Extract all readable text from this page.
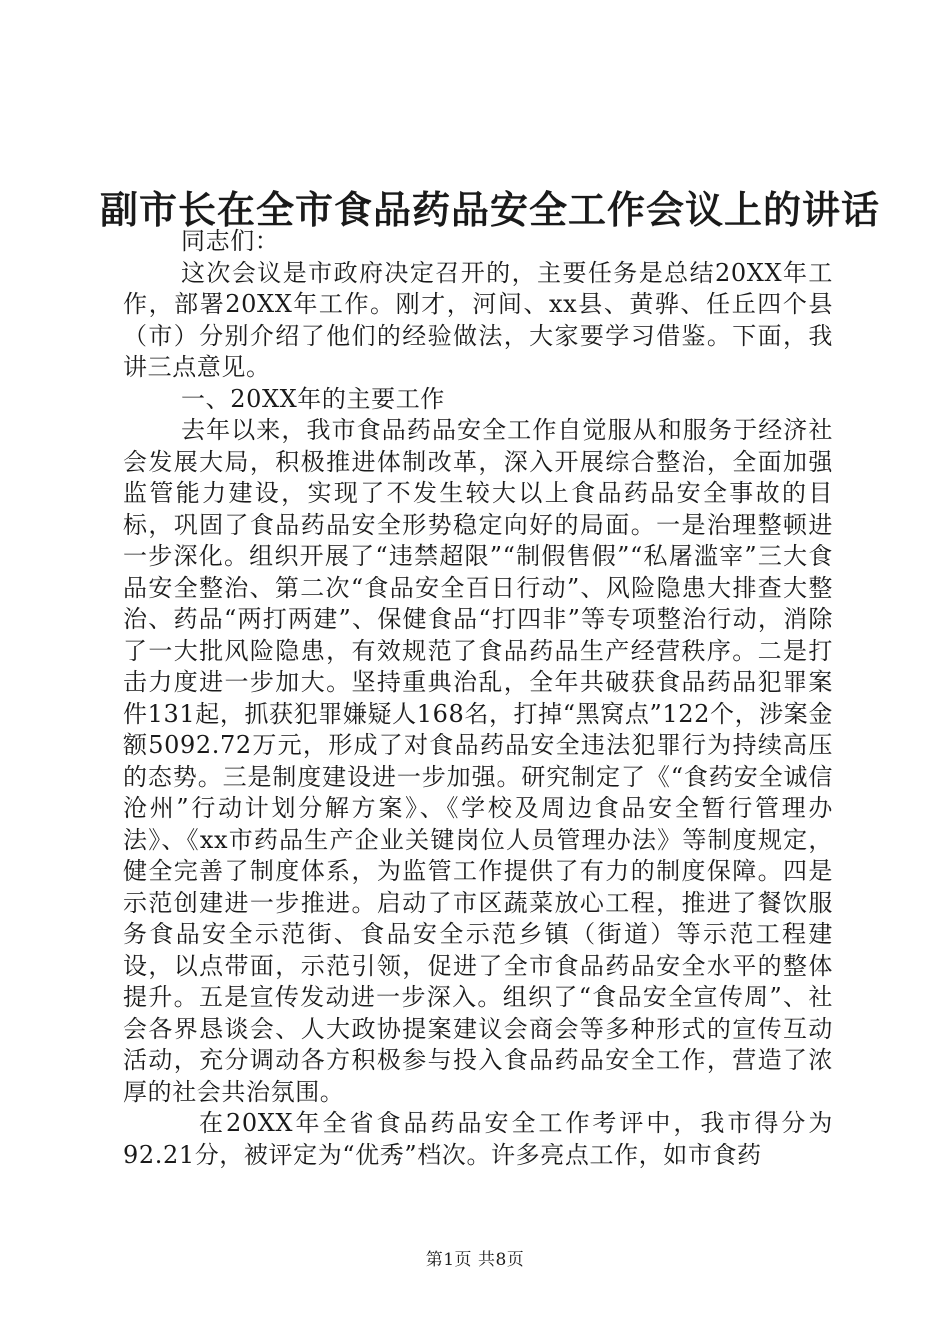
副市长在全市食品药品安全工作会议上的讲话

同志们：

这次会议是市政府决定召开的，主要任务是总结20XX年工作，部署20XX年工作。刚才，河间、xx县、黄骅、任丘四个县（市）分别介绍了他们的经验做法，大家要学习借鉴。下面，我讲三点意见。

一、20XX年的主要工作

去年以来，我市食品药品安全工作自觉服从和服务于经济社会发展大局，积极推进体制改革，深入开展综合整治，全面加强监管能力建设，实现了不发生较大以上食品药品安全事故的目标，巩固了食品药品安全形势稳定向好的局面。一是治理整顿进一步深化。组织开展了“违禁超限”“制假售假”“私屠滥宰”三大食品安全整治、第二次“食品安全百日行动”、风险隐患大排查大整治、药品“两打两建”、保健食品“打四非”等专项整治行动，消除了一大批风险隐患，有效规范了食品药品生产经营秩序。二是打击力度进一步加大。坚持重典治乱，全年共破获食品药品犯罪案件131起，抓获犯罪嫌疑人168名，打掉“黑窝点”122个，涉案金额5092.72万元，形成了对食品药品安全违法犯罪行为持续高压的态势。三是制度建设进一步加强。研究制定了《“食药安全诚信沧州”行动计划分解方案》、《学校及周边食品安全暂行管理办法》、《xx市药品生产企业关键岗位人员管理办法》等制度规定，健全完善了制度体系，为监管工作提供了有力的制度保障。四是示范创建进一步推进。启动了市区蔬菜放心工程，推进了餐饮服务食品安全示范街、食品安全示范乡镇（街道）等示范工程建设，以点带面，示范引领，促进了全市食品药品安全水平的整体提升。五是宣传发动进一步深入。组织了“食品安全宣传周”、社会各界恳谈会、人大政协提案建议会商会等多种形式的宣传互动活动，充分调动各方积极参与投入食品药品安全工作，营造了浓厚的社会共治氛围。

在20XX年全省食品药品安全工作考评中，我市得分为92.21分，被评定为“优秀”档次。许多亮点工作，如市食药

第1页 共8页
